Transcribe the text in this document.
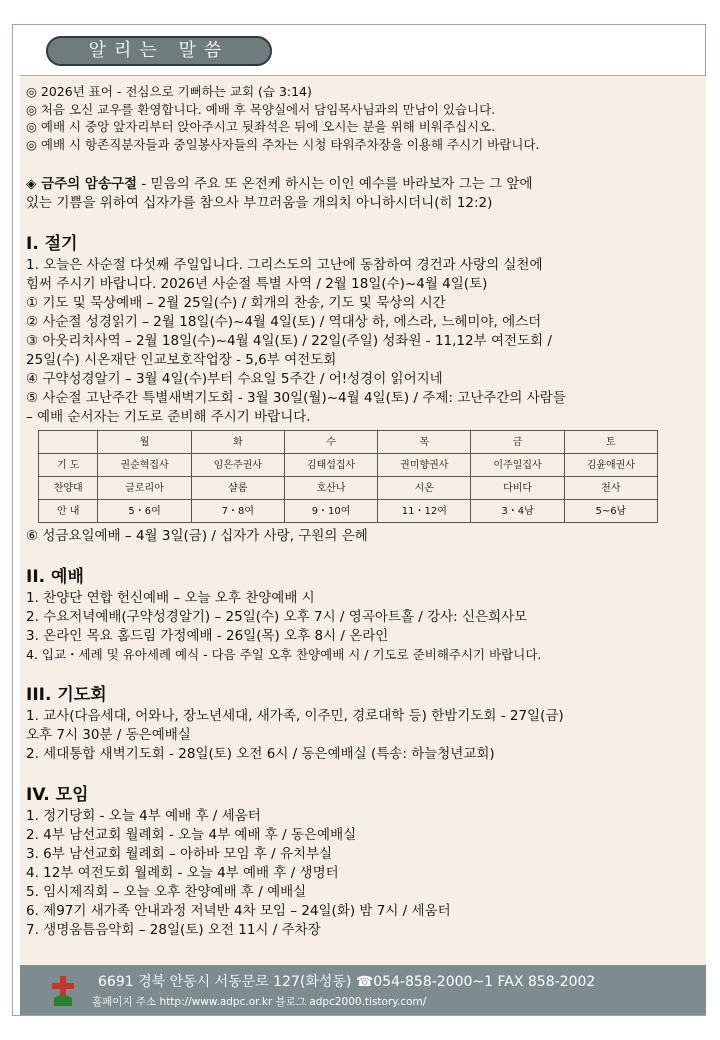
알리는 말씀
◎ 2026년 표어 - 전심으로 기뻐하는 교회 (습 3:14)
◎ 처음 오신 교우를 환영합니다. 예배 후 목양실에서 담임목사님과의 만남이 있습니다.
◎ 예배 시 중앙 앞자리부터 앉아주시고 뒷좌석은 뒤에 오시는 분을 위해 비워주십시오.
◎ 예배 시 항존직분자들과 중일봉사자들의 주차는 시청 타워주차장을 이용해 주시기 바랍니다.
◈ 금주의 암송구절 - 믿음의 주요 또 온전케 하시는 이인 예수를 바라보자 그는 그 앞에
있는 기쁨을 위하여 십자가를 참으사 부끄러움을 개의치 아니하시더니(히 12:2)
I. 절기
1. 오늘은 사순절 다섯째 주일입니다. 그리스도의 고난에 동참하여 경건과 사랑의 실천에
힘써 주시기 바랍니다. 2026년 사순절 특별 사역 / 2월 18일(수)~4월 4일(토)
① 기도 및 묵상예배 – 2월 25일(수) / 회개의 찬송, 기도 및 묵상의 시간
② 사순절 성경읽기 – 2월 18일(수)~4월 4일(토) / 역대상 하, 에스라, 느헤미야, 에스더
③ 아웃리치사역 – 2월 18일(수)~4월 4일(토) / 22일(주일) 성좌원 - 11,12부 여전도회 /
25일(수) 시온재단 인교보호작업장 - 5,6부 여전도회
④ 구약성경알기 – 3월 4일(수)부터 수요일 5주간 / 어!성경이 읽어지네
⑤ 사순절 고난주간 특별새벽기도회 - 3월 30일(월)~4월 4일(토) / 주제: 고난주간의 사람들
– 예배 순서자는 기도로 준비해 주시기 바랍니다.
	월	화	수	목	금	토
기 도	권순혁집사	임은주권사	김태섭집사	권미향권사	이주일집사	김윤애권사
찬양대	글로리아	샬롬	호산나	시온	다비다	천사
안 내	5・6여	7・8여	9・10여	11・12여	3・4남	5~6남
⑥ 성금요일예배 – 4월 3일(금) / 십자가 사랑, 구원의 은혜
II. 예배
1. 찬양단 연합 헌신예배 – 오늘 오후 찬양예배 시
2. 수요저녁예배(구약성경알기) – 25일(수) 오후 7시 / 영곡아트홀 / 강사: 신은희사모
3. 온라인 목요 홈드림 가정예배 - 26일(목) 오후 8시 / 온라인
4. 입교・세례 및 유아세례 예식 - 다음 주일 오후 찬양예배 시 / 기도로 준비해주시기 바랍니다.
III. 기도회
1. 교사(다음세대, 어와나, 장노년세대, 새가족, 이주민, 경로대학 등) 한밤기도회 - 27일(금)
오후 7시 30분 / 동은예배실
2. 세대통합 새벽기도회 - 28일(토) 오전 6시 / 동은예배실 (특송: 하늘청년교회)
IV. 모임
1. 정기당회 - 오늘 4부 예배 후 / 세움터
2. 4부 남선교회 월례회 - 오늘 4부 예배 후 / 동은예배실
3. 6부 남선교회 월례회 – 아하바 모임 후 / 유치부실
4. 12부 여전도회 월례회 - 오늘 4부 예배 후 / 생명터
5. 임시제직회 – 오늘 오후 찬양예배 후 / 예배실
6. 제97기 새가족 안내과정 저녁반 4차 모임 – 24일(화) 밤 7시 / 세움터
7. 생명움틈음악회 – 28일(토) 오전 11시 / 주차장
6691 경북 안동시 서동문로 127(화성동) ☎054-858-2000~1 FAX 858-2002
홈페이지 주소 http://www.adpc.or.kr 블로그 adpc2000.tistory.com/
